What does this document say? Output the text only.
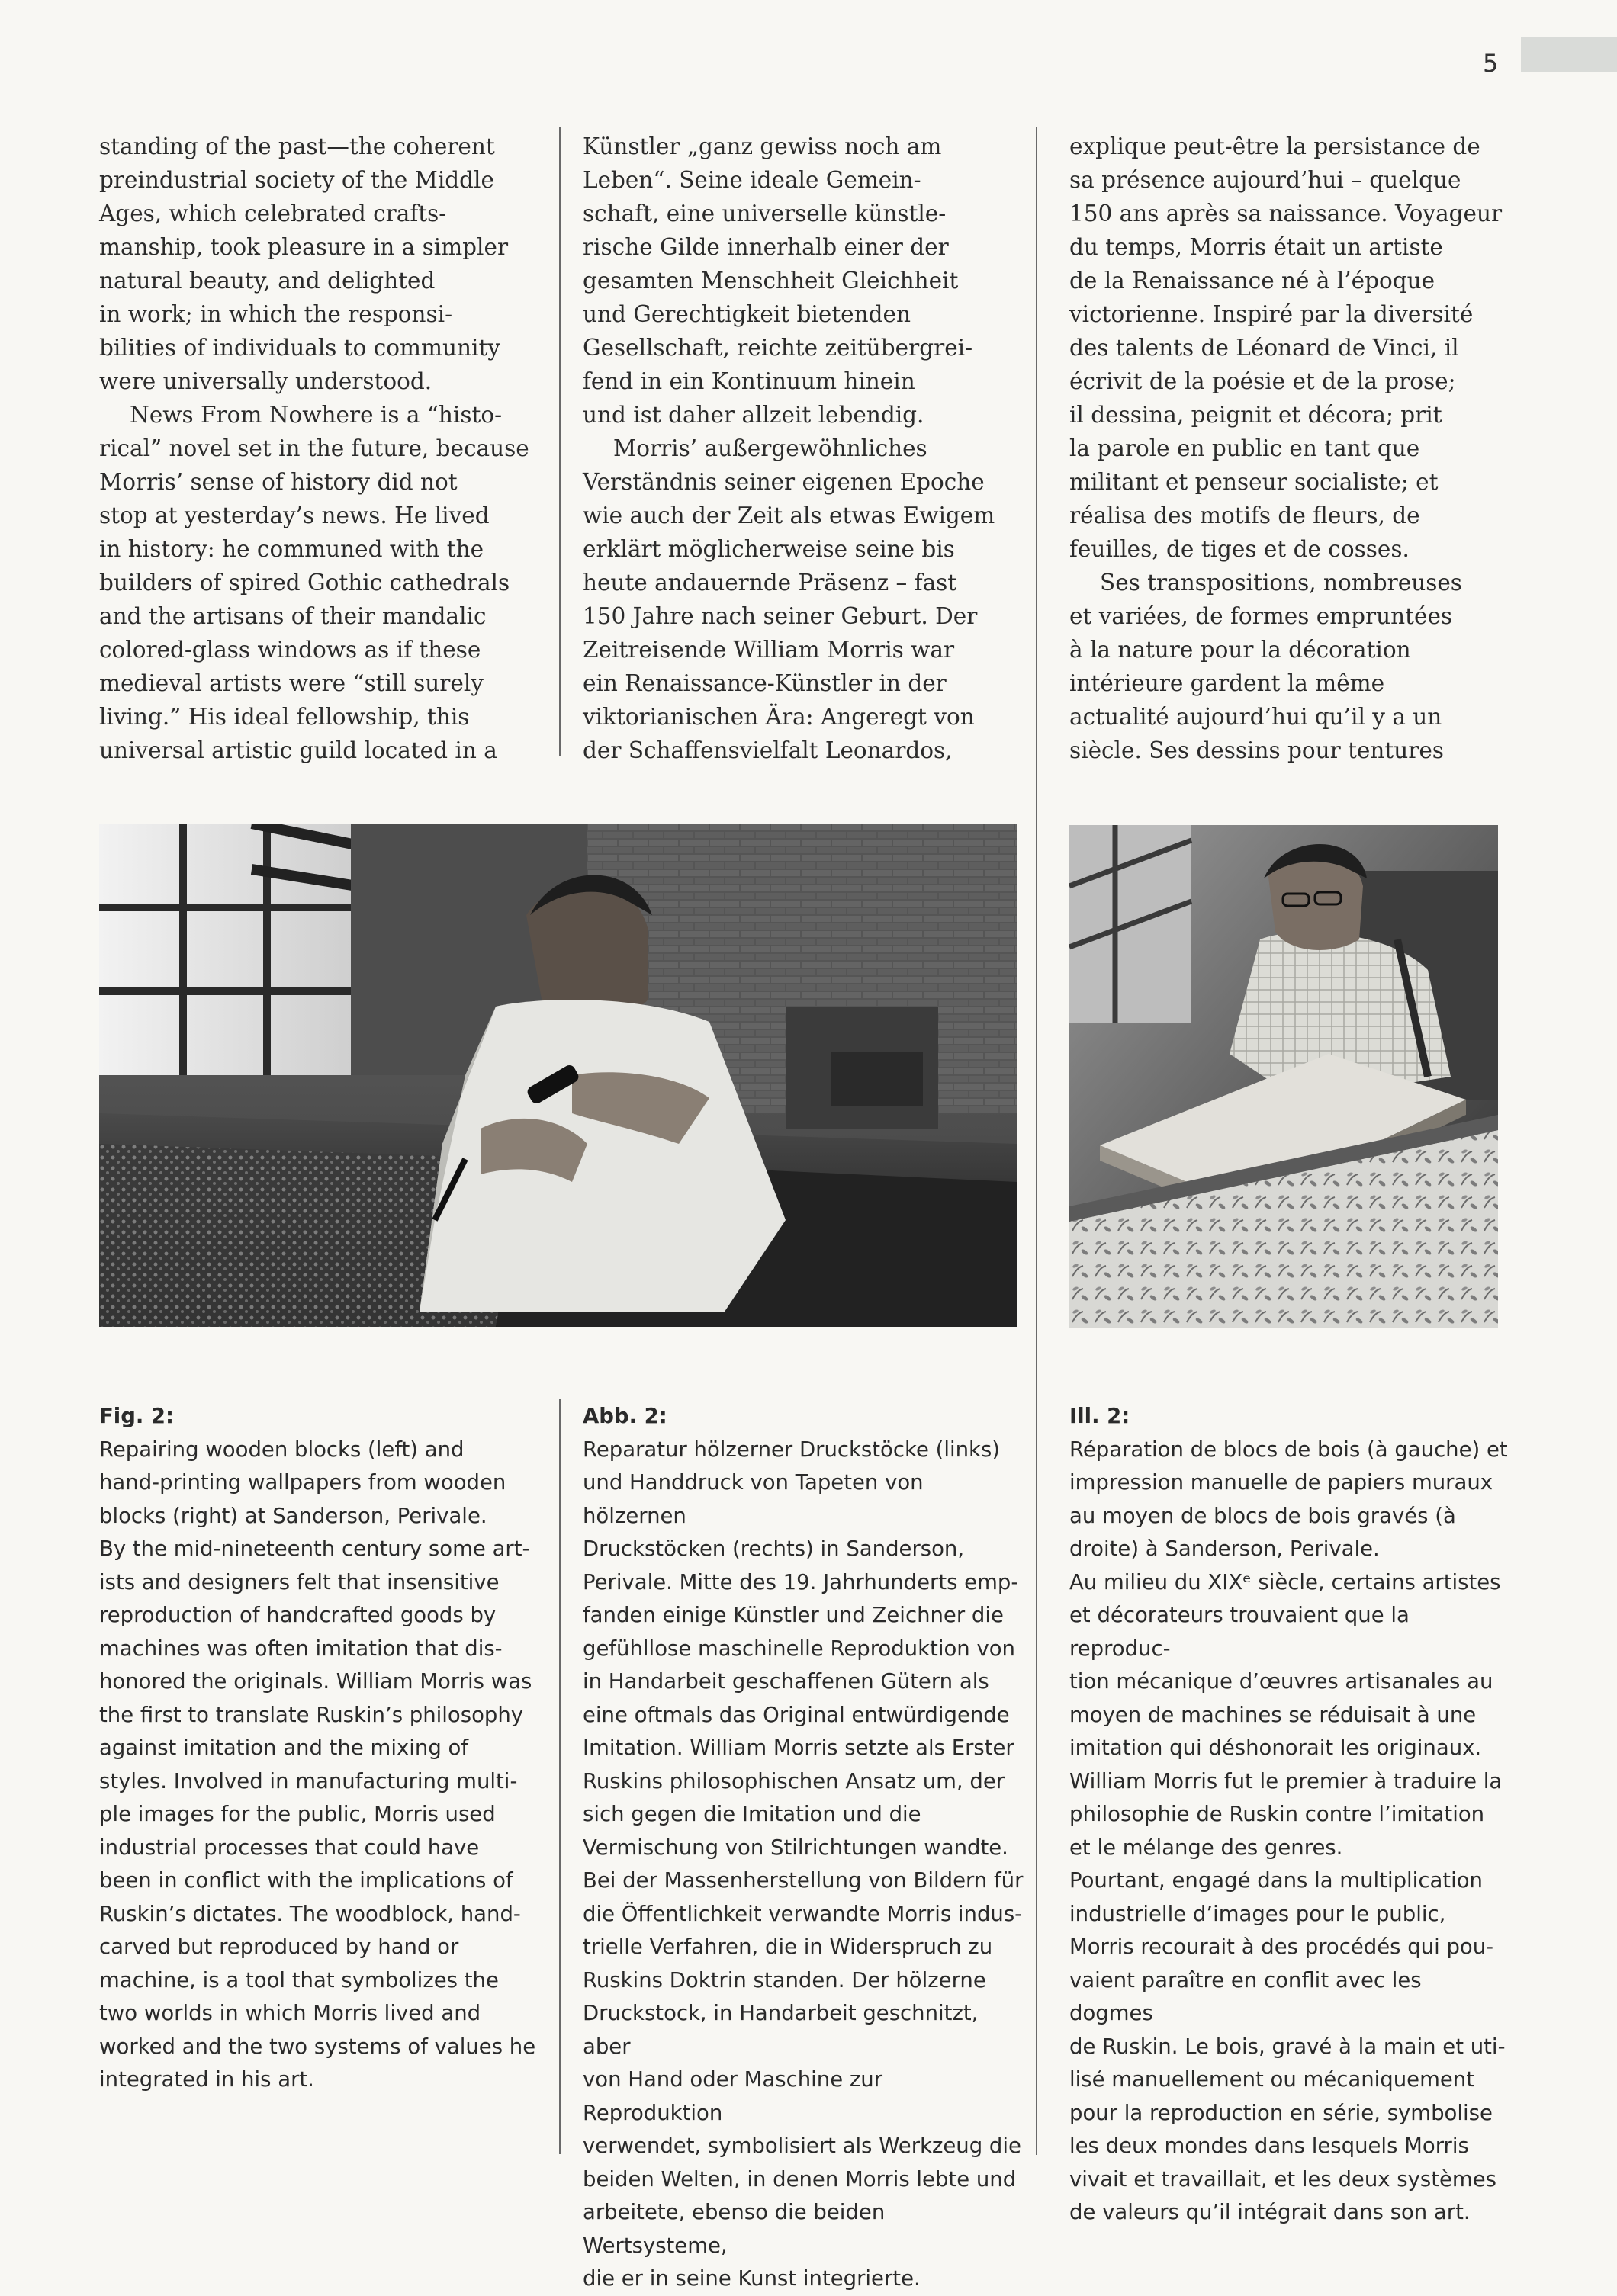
5

standing of the past—the coherent
preindustrial society of the Middle
Ages, which celebrated crafts-
manship, took pleasure in a simpler
natural beauty, and delighted
in work; in which the responsi-
bilities of individuals to community
were universally understood.

News From Nowhere is a “histo-
rical” novel set in the future, because
Morris’ sense of history did not
stop at yesterday’s news. He lived
in history: he communed with the
builders of spired Gothic cathedrals
and the artisans of their mandalic
colored-glass windows as if these
medieval artists were “still surely
living.” His ideal fellowship, this
universal artistic guild located in a

Künstler „ganz gewiss noch am
Leben“. Seine ideale Gemein-
schaft, eine universelle künstle-
rische Gilde innerhalb einer der
gesamten Menschheit Gleichheit
und Gerechtigkeit bietenden
Gesellschaft, reichte zeitübergrei-
fend in ein Kontinuum hinein
und ist daher allzeit lebendig.

Morris’ außergewöhnliches
Verständnis seiner eigenen Epoche
wie auch der Zeit als etwas Ewigem
erklärt möglicherweise seine bis
heute andauernde Präsenz – fast
150 Jahre nach seiner Geburt. Der
Zeitreisende William Morris war
ein Renaissance-Künstler in der
viktorianischen Ära: Angeregt von
der Schaffensvielfalt Leonardos,

explique peut-être la persistance de
sa présence aujourd’hui – quelque
150 ans après sa naissance. Voyageur
du temps, Morris était un artiste
de la Renaissance né à l’époque
victorienne. Inspiré par la diversité
des talents de Léonard de Vinci, il
écrivit de la poésie et de la prose;
il dessina, peignit et décora; prit
la parole en public en tant que
militant et penseur socialiste; et
réalisa des motifs de fleurs, de
feuilles, de tiges et de cosses.

Ses transpositions, nombreuses
et variées, de formes empruntées
à la nature pour la décoration
intérieure gardent la même
actualité aujourd’hui qu’il y a un
siècle. Ses dessins pour tentures

Fig. 2:
Repairing wooden blocks (left) and
hand-printing wallpapers from wooden
blocks (right) at Sanderson, Perivale.
By the mid-nineteenth century some art-
ists and designers felt that insensitive
reproduction of handcrafted goods by
machines was often imitation that dis-
honored the originals. William Morris was
the first to translate Ruskin’s philosophy
against imitation and the mixing of
styles. Involved in manufacturing multi-
ple images for the public, Morris used
industrial processes that could have
been in conflict with the implications of
Ruskin’s dictates. The woodblock, hand-
carved but reproduced by hand or
machine, is a tool that symbolizes the
two worlds in which Morris lived and
worked and the two systems of values he
integrated in his art.
Abb. 2:
Reparatur hölzerner Druckstöcke (links)
und Handdruck von Tapeten von hölzernen
Druckstöcken (rechts) in Sanderson,
Perivale. Mitte des 19. Jahrhunderts emp-
fanden einige Künstler und Zeichner die
gefühllose maschinelle Reproduktion von
in Handarbeit geschaffenen Gütern als
eine oftmals das Original entwürdigende
Imitation. William Morris setzte als Erster
Ruskins philosophischen Ansatz um, der
sich gegen die Imitation und die
Vermischung von Stilrichtungen wandte.
Bei der Massenherstellung von Bildern für
die Öffentlichkeit verwandte Morris indus-
trielle Verfahren, die in Widerspruch zu
Ruskins Doktrin standen. Der hölzerne
Druckstock, in Handarbeit geschnitzt, aber
von Hand oder Maschine zur Reproduktion
verwendet, symbolisiert als Werkzeug die
beiden Welten, in denen Morris lebte und
arbeitete, ebenso die beiden Wertsysteme,
die er in seine Kunst integrierte.
Ill. 2:
Réparation de blocs de bois (à gauche) et
impression manuelle de papiers muraux
au moyen de blocs de bois gravés (à
droite) à Sanderson, Perivale.
Au milieu du XIXᵉ siècle, certains artistes
et décorateurs trouvaient que la reproduc-
tion mécanique d’œuvres artisanales au
moyen de machines se réduisait à une
imitation qui déshonorait les originaux.
William Morris fut le premier à traduire la
philosophie de Ruskin contre l’imitation
et le mélange des genres.
Pourtant, engagé dans la multiplication
industrielle d’images pour le public,
Morris recourait à des procédés qui pou-
vaient paraître en conflit avec les dogmes
de Ruskin. Le bois, gravé à la main et uti-
lisé manuellement ou mécaniquement
pour la reproduction en série, symbolise
les deux mondes dans lesquels Morris
vivait et travaillait, et les deux systèmes
de valeurs qu’il intégrait dans son art.
